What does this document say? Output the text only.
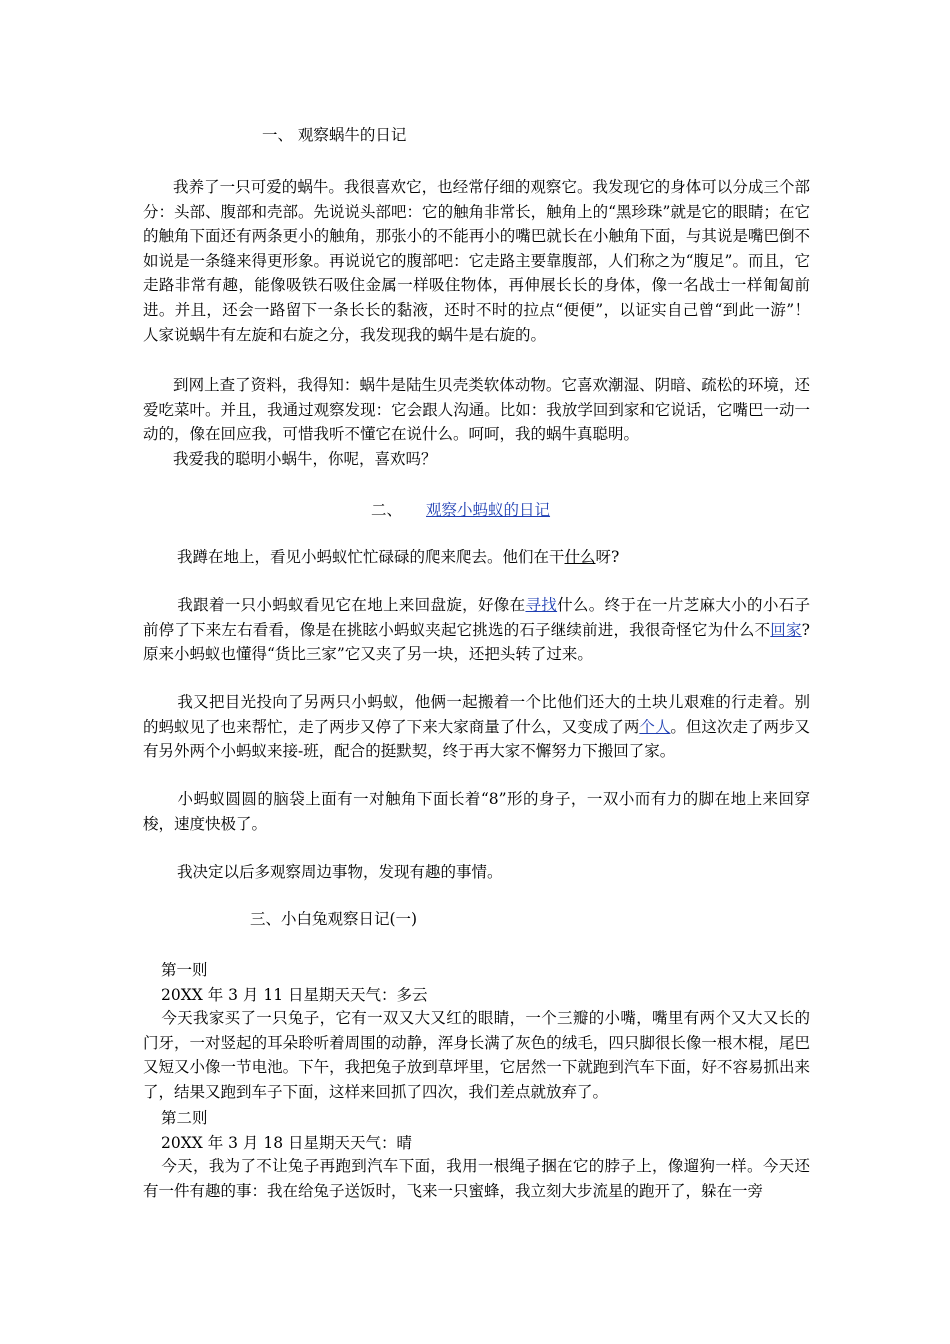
一、 观察蜗牛的日记

我养了一只可爱的蜗牛。我很喜欢它，也经常仔细的观察它。我发现它的身体可以分成三个部分：头部、腹部和壳部。先说说头部吧：它的触角非常长，触角上的“黑珍珠”就是它的眼睛；在它的触角下面还有两条更小的触角，那张小的不能再小的嘴巴就长在小触角下面，与其说是嘴巴倒不如说是一条缝来得更形象。再说说它的腹部吧：它走路主要靠腹部，人们称之为“腹足”。而且，它走路非常有趣，能像吸铁石吸住金属一样吸住物体，再伸展长长的身体，像一名战士一样匍匐前进。并且，还会一路留下一条长长的黏液，还时不时的拉点“便便”，以证实自己曾“到此一游”！人家说蜗牛有左旋和右旋之分，我发现我的蜗牛是右旋的。

到网上查了资料，我得知：蜗牛是陆生贝壳类软体动物。它喜欢潮湿、阴暗、疏松的环境，还爱吃菜叶。并且，我通过观察发现：它会跟人沟通。比如：我放学回到家和它说话，它嘴巴一动一动的，像在回应我，可惜我听不懂它在说什么。呵呵，我的蜗牛真聪明。

我爱我的聪明小蜗牛，你呢，喜欢吗？

二、 观察小蚂蚁的日记

我蹲在地上，看见小蚂蚁忙忙碌碌的爬来爬去。他们在干什么呀?

我跟着一只小蚂蚁看见它在地上来回盘旋，好像在寻找什么。终于在一片芝麻大小的小石子前停了下来左右看看，像是在挑眩小蚂蚁夹起它挑选的石子继续前进，我很奇怪它为什么不回家?原来小蚂蚁也懂得“货比三家”它又夹了另一块，还把头转了过来。

我又把目光投向了另两只小蚂蚁，他俩一起搬着一个比他们还大的土块儿艰难的行走着。别的蚂蚁见了也来帮忙，走了两步又停了下来大家商量了什么，又变成了两个人。但这次走了两步又有另外两个小蚂蚁来接-班，配合的挺默契，终于再大家不懈努力下搬回了家。

小蚂蚁圆圆的脑袋上面有一对触角下面长着“8”形的身子，一双小而有力的脚在地上来回穿梭，速度快极了。

我决定以后多观察周边事物，发现有趣的事情。

三、小白兔观察日记(一)
第一则
20XX 年 3 月 11 日星期天天气：多云

今天我家买了一只兔子，它有一双又大又红的眼睛，一个三瓣的小嘴，嘴里有两个又大又长的门牙，一对竖起的耳朵聆听着周围的动静，浑身长满了灰色的绒毛，四只脚很长像一根木棍，尾巴又短又小像一节电池。下午，我把兔子放到草坪里，它居然一下就跑到汽车下面，好不容易抓出来了，结果又跑到车子下面，这样来回抓了四次，我们差点就放弃了。

第二则
20XX 年 3 月 18 日星期天天气：晴

今天，我为了不让兔子再跑到汽车下面，我用一根绳子捆在它的脖子上，像遛狗一样。今天还有一件有趣的事：我在给兔子送饭时，飞来一只蜜蜂，我立刻大步流星的跑开了，躲在一旁
